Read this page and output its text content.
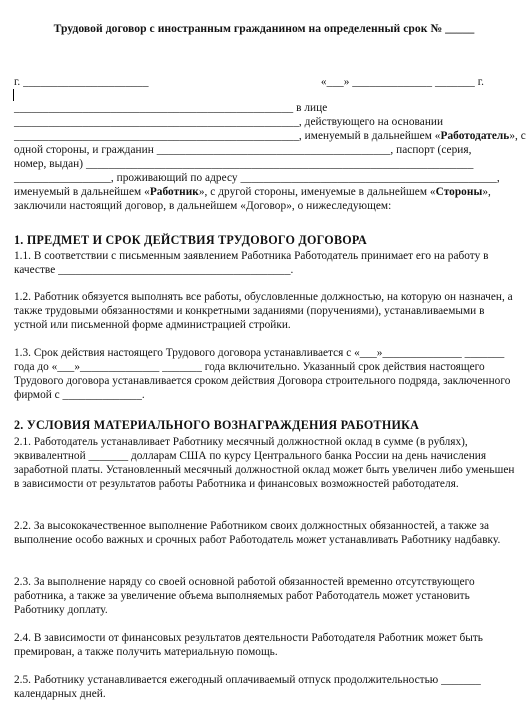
Трудовой договор с иностранным гражданином на определенный срок № _____
г. ______________________	«___» ______________ _______ г.
_________________________________________________ в лице
__________________________________________________, действующего на основании
__________________________________________________, именуемый в дальнейшем «Работодатель», с
одной стороны, и гражданин _________________________________________, паспорт (серия,
номер, выдан) ____________________________________________________________________
_________________, проживающий по адресу _____________________________________________,
именуемый в дальнейшем «Работник», с другой стороны, именуемые в дальнейшем «Стороны»,
заключили настоящий договор, в дальнейшем «Договор», о нижеследующем:
1. ПРЕДМЕТ И СРОК ДЕЙСТВИЯ ТРУДОВОГО ДОГОВОРА
1.1. В соответствии с письменным заявлением Работника Работодатель принимает его на работу в качестве _________________________________________.
1.2. Работник обязуется выполнять все работы, обусловленные должностью, на которую он назначен, а также трудовыми обязанностями и конкретными заданиями (поручениями), устанавливаемыми в устной или письменной форме администрацией стройки.
1.3. Срок действия настоящего Трудового договора устанавливается с «___»______________ _______ года до «___»______________ _______ года включительно. Указанный срок действия настоящего Трудового договора устанавливается сроком действия Договора строительного подряда, заключенного фирмой с ______________.
2. УСЛОВИЯ МАТЕРИАЛЬНОГО ВОЗНАГРАЖДЕНИЯ РАБОТНИКА
2.1. Работодатель устанавливает Работнику месячный должностной оклад в сумме (в рублях), эквивалентной _______ долларам США по курсу Центрального банка России на день начисления заработной платы. Установленный месячный должностной оклад может быть увеличен либо уменьшен в зависимости от результатов работы Работника и финансовых возможностей работодателя.
2.2. За высококачественное выполнение Работником своих должностных обязанностей, а также за выполнение особо важных и срочных работ Работодатель может устанавливать Работнику надбавку.
2.3. За выполнение наряду со своей основной работой обязанностей временно отсутствующего работника, а также за увеличение объема выполняемых работ Работодатель может установить Работнику доплату.
2.4. В зависимости от финансовых результатов деятельности Работодателя Работник может быть премирован, а также получить материальную помощь.
2.5. Работнику устанавливается ежегодный оплачиваемый отпуск продолжительностью _______ календарных дней.
